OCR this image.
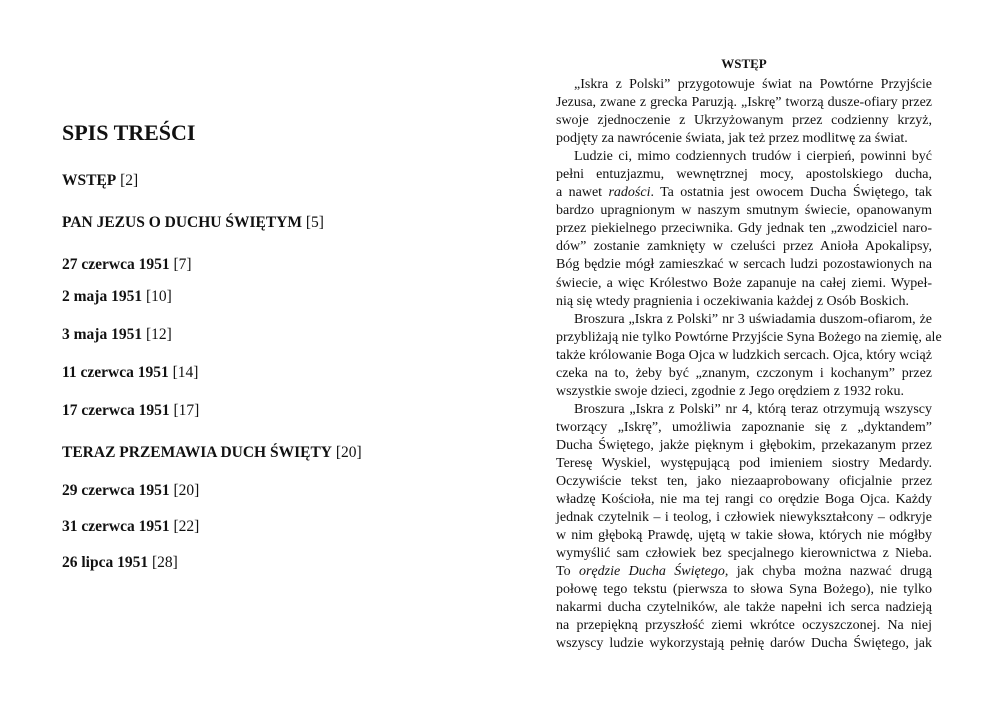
SPIS TREŚCI

WSTĘP [2]

PAN JEZUS O DUCHU ŚWIĘTYM [5]

27 czerwca 1951 [7]

2 maja 1951 [10]

3 maja 1951 [12]

11 czerwca 1951 [14]

17 czerwca 1951 [17]

TERAZ PRZEMAWIA DUCH ŚWIĘTY [20]

29 czerwca 1951 [20]

31 czerwca 1951 [22]

26 lipca 1951 [28]

WSTĘP
„Iskra z Polski” przygotowuje świat na Powtórne Przyjście
Jezusa, zwane z grecka Paruzją. „Iskrę” tworzą dusze-ofiary przez
swoje zjednoczenie z Ukrzyżowanym przez codzienny krzyż,
podjęty za nawrócenie świata, jak też przez modlitwę za świat.
Ludzie ci, mimo codziennych trudów i cierpień, powinni być
pełni entuzjazmu, wewnętrznej mocy, apostolskiego ducha,
a nawet radości. Ta ostatnia jest owocem Ducha Świętego, tak
bardzo upragnionym w naszym smutnym świecie, opanowanym
przez piekielnego przeciwnika. Gdy jednak ten „zwodziciel naro-
dów” zostanie zamknięty w czeluści przez Anioła Apokalipsy,
Bóg będzie mógł zamieszkać w sercach ludzi pozostawionych na
świecie, a więc Królestwo Boże zapanuje na całej ziemi. Wypeł-
nią się wtedy pragnienia i oczekiwania każdej z Osób Boskich.
Broszura „Iskra z Polski” nr 3 uświadamia duszom-ofiarom, że
przybliżają nie tylko Powtórne Przyjście Syna Bożego na ziemię, ale
także królowanie Boga Ojca w ludzkich sercach. Ojca, który wciąż
czeka na to, żeby być „znanym, czczonym i kochanym” przez
wszystkie swoje dzieci, zgodnie z Jego orędziem z 1932 roku.
Broszura „Iskra z Polski” nr 4, którą teraz otrzymują wszyscy
tworzący „Iskrę”, umożliwia zapoznanie się z „dyktandem”
Ducha Świętego, jakże pięknym i głębokim, przekazanym przez
Teresę Wyskiel, występującą pod imieniem siostry Medardy.
Oczywiście tekst ten, jako niezaaprobowany oficjalnie przez
władzę Kościoła, nie ma tej rangi co orędzie Boga Ojca. Każdy
jednak czytelnik – i teolog, i człowiek niewykształcony – odkryje
w nim głęboką Prawdę, ujętą w takie słowa, których nie mógłby
wymyślić sam człowiek bez specjalnego kierownictwa z Nieba.
To orędzie Ducha Świętego, jak chyba można nazwać drugą
połowę tego tekstu (pierwsza to słowa Syna Bożego), nie tylko
nakarmi ducha czytelników, ale także napełni ich serca nadzieją
na przepiękną przyszłość ziemi wkrótce oczyszczonej. Na niej
wszyscy ludzie wykorzystają pełnię darów Ducha Świętego, jak
